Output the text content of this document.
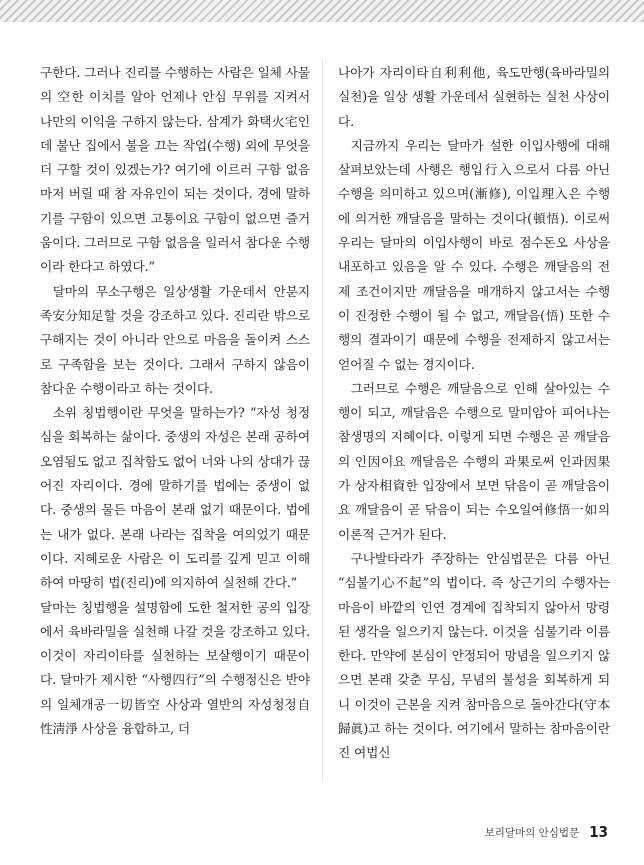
구한다. 그러나 진리를 수행하는 사람은 일체 사물의 空한 이치를 알아 언제나 안심 무위를 지켜서 나만의 이익을 구하지 않는다. 삼계가 화택火宅인데 불난 집에서 불을 끄는 작업(수행) 외에 무엇을 더 구할 것이 있겠는가? 여기에 이르러 구함 없음마저 버릴 때 참 자유인이 되는 것이다. 경에 말하기를 구함이 있으면 고통이요 구함이 없으면 즐거움이다. 그러므로 구함 없음을 일러서 참다운 수행이라 한다고 하였다.”

달마의 무소구행은 일상생활 가운데서 안분지족安分知足할 것을 강조하고 있다. 진리란 밖으로 구해지는 것이 아니라 안으로 마음을 돌이켜 스스로 구족함을 보는 것이다. 그래서 구하지 않음이 참다운 수행이라고 하는 것이다.

소위 칭법행이란 무엇을 말하는가? “자성 청정심을 회복하는 삶이다. 중생의 자성은 본래 공하여 오염됨도 없고 집착함도 없어 너와 나의 상대가 끊어진 자리이다. 경에 말하기를 법에는 중생이 없다. 중생의 물든 마음이 본래 없기 때문이다. 법에는 내가 없다. 본래 나라는 집착을 여의었기 때문이다. 지혜로운 사람은 이 도리를 깊게 믿고 이해하여 마땅히 법(진리)에 의지하여 실천해 간다.”

달마는 칭법행을 설명함에 도한 철저한 공의 입장에서 육바라밀을 실천해 나갈 것을 강조하고 있다. 이것이 자리이타를 실천하는 보살행이기 때문이다. 달마가 제시한 “사행四行”의 수행정신은 반야의 일체개공一切皆空 사상과 열반의 자성청정自性淸淨 사상을 융합하고, 더

나아가 자리이타自利利他, 육도만행(육바라밀의 실천)을 일상 생활 가운데서 실현하는 실천 사상이다.

지금까지 우리는 달마가 설한 이입사행에 대해 살펴보았는데 사행은 행입行入으로서 다름 아닌 수행을 의미하고 있으며(漸修), 이입理入은 수행에 의거한 깨달음을 말하는 것이다(頓悟). 이로써 우리는 달마의 이입사행이 바로 점수돈오 사상을 내포하고 있음을 알 수 있다. 수행은 깨달음의 전제 조건이지만 깨달음을 매개하지 않고서는 수행이 진정한 수행이 될 수 없고, 깨달음(悟) 또한 수행의 결과이기 때문에 수행을 전제하지 않고서는 얻어질 수 없는 경지이다.

그러므로 수행은 깨달음으로 인해 살아있는 수행이 되고, 깨달음은 수행으로 말미암아 피어나는 참생명의 지혜이다. 이렇게 되면 수행은 곧 깨달음의 인因이요 깨달음은 수행의 과果로써 인과因果가 상자相資한 입장에서 보면 닦음이 곧 깨달음이요 깨달음이 곧 닦음이 되는 수오일여修悟一如의 이론적 근거가 된다.

구나발타라가 주장하는 안심법문은 다름 아닌 “심불기心不起”의 법이다. 즉 상근기의 수행자는 마음이 바깥의 인연 경계에 집착되지 않아서 망령된 생각을 일으키지 않는다. 이것을 심불기라 이름 한다. 만약에 본심이 안정되어 망념을 일으키지 않으면 본래 갖춘 무심, 무념의 불성을 회복하게 되니 이것이 근본을 지켜 참마음으로 돌아간다(守本歸眞)고 하는 것이다. 여기에서 말하는 참마음이란 진 여법신

보리달마의 안심법문 13
